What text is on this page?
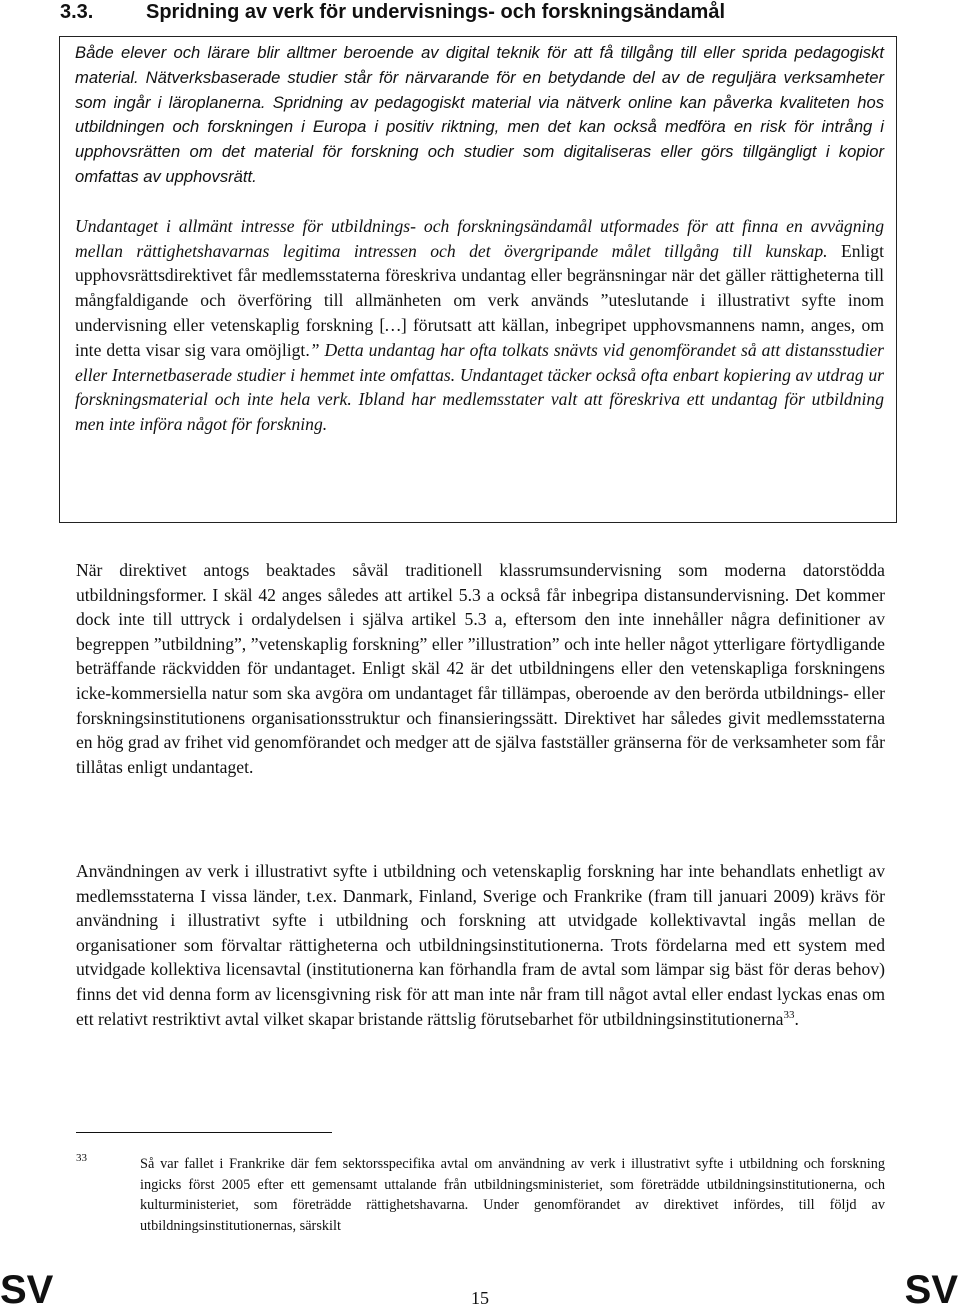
3.3.	Spridning av verk för undervisnings- och forskningsändamål

Både elever och lärare blir alltmer beroende av digital teknik för att få tillgång till eller sprida pedagogiskt material. Nätverksbaserade studier står för närvarande för en betydande del av de reguljära verksamheter som ingår i läroplanerna. Spridning av pedagogiskt material via nätverk online kan påverka kvaliteten hos utbildningen och forskningen i Europa i positiv riktning, men det kan också medföra en risk för intrång i upphovsrätten om det material för forskning och studier som digitaliseras eller görs tillgängligt i kopior omfattas av upphovsrätt.

Undantaget i allmänt intresse för utbildnings- och forskningsändamål utformades för att finna en avvägning mellan rättighetshavarnas legitima intressen och det övergripande målet tillgång till kunskap. Enligt upphovsrättsdirektivet får medlemsstaterna föreskriva undantag eller begränsningar när det gäller rättigheterna till mångfaldigande och överföring till allmänheten om verk används ”uteslutande i illustrativt syfte inom undervisning eller vetenskaplig forskning […] förutsatt att källan, inbegripet upphovsmannens namn, anges, om inte detta visar sig vara omöjligt.” Detta undantag har ofta tolkats snävts vid genomförandet så att distansstudier eller Internetbaserade studier i hemmet inte omfattas. Undantaget täcker också ofta enbart kopiering av utdrag ur forskningsmaterial och inte hela verk. Ibland har medlemsstater valt att föreskriva ett undantag för utbildning men inte införa något för forskning.

När direktivet antogs beaktades såväl traditionell klassrumsundervisning som moderna datorstödda utbildningsformer. I skäl 42 anges således att artikel 5.3 a också får inbegripa distansundervisning. Det kommer dock inte till uttryck i ordalydelsen i själva artikel 5.3 a, eftersom den inte innehåller några definitioner av begreppen ”utbildning”, ”vetenskaplig forskning” eller ”illustration” och inte heller något ytterligare förtydligande beträffande räckvidden för undantaget. Enligt skäl 42 är det utbildningens eller den vetenskapliga forskningens icke-kommersiella natur som ska avgöra om undantaget får tillämpas, oberoende av den berörda utbildnings- eller forskningsinstitutionens organisationsstruktur och finansieringssätt. Direktivet har således givit medlemsstaterna en hög grad av frihet vid genomförandet och medger att de själva fastställer gränserna för de verksamheter som får tillåtas enligt undantaget.

Användningen av verk i illustrativt syfte i utbildning och vetenskaplig forskning har inte behandlats enhetligt av medlemsstaterna I vissa länder, t.ex. Danmark, Finland, Sverige och Frankrike (fram till januari 2009) krävs för användning i illustrativt syfte i utbildning och forskning att utvidgade kollektivavtal ingås mellan de organisationer som förvaltar rättigheterna och utbildningsinstitutionerna. Trots fördelarna med ett system med utvidgade kollektiva licensavtal (institutionerna kan förhandla fram de avtal som lämpar sig bäst för deras behov) finns det vid denna form av licensgivning risk för att man inte når fram till något avtal eller endast lyckas enas om ett relativt restriktivt avtal vilket skapar bristande rättslig förutsebarhet för utbildningsinstitutionerna$^{33}$.

33	Så var fallet i Frankrike där fem sektorsspecifika avtal om användning av verk i illustrativt syfte i utbildning och forskning ingicks först 2005 efter ett gemensamt uttalande från utbildningsministeriet, som företrädde utbildningsinstitutionerna, och kulturministeriet, som företrädde rättighetshavarna. Under genomförandet av direktivet infördes, till följd av utbildningsinstitutionernas, särskilt

SV	15	SV
